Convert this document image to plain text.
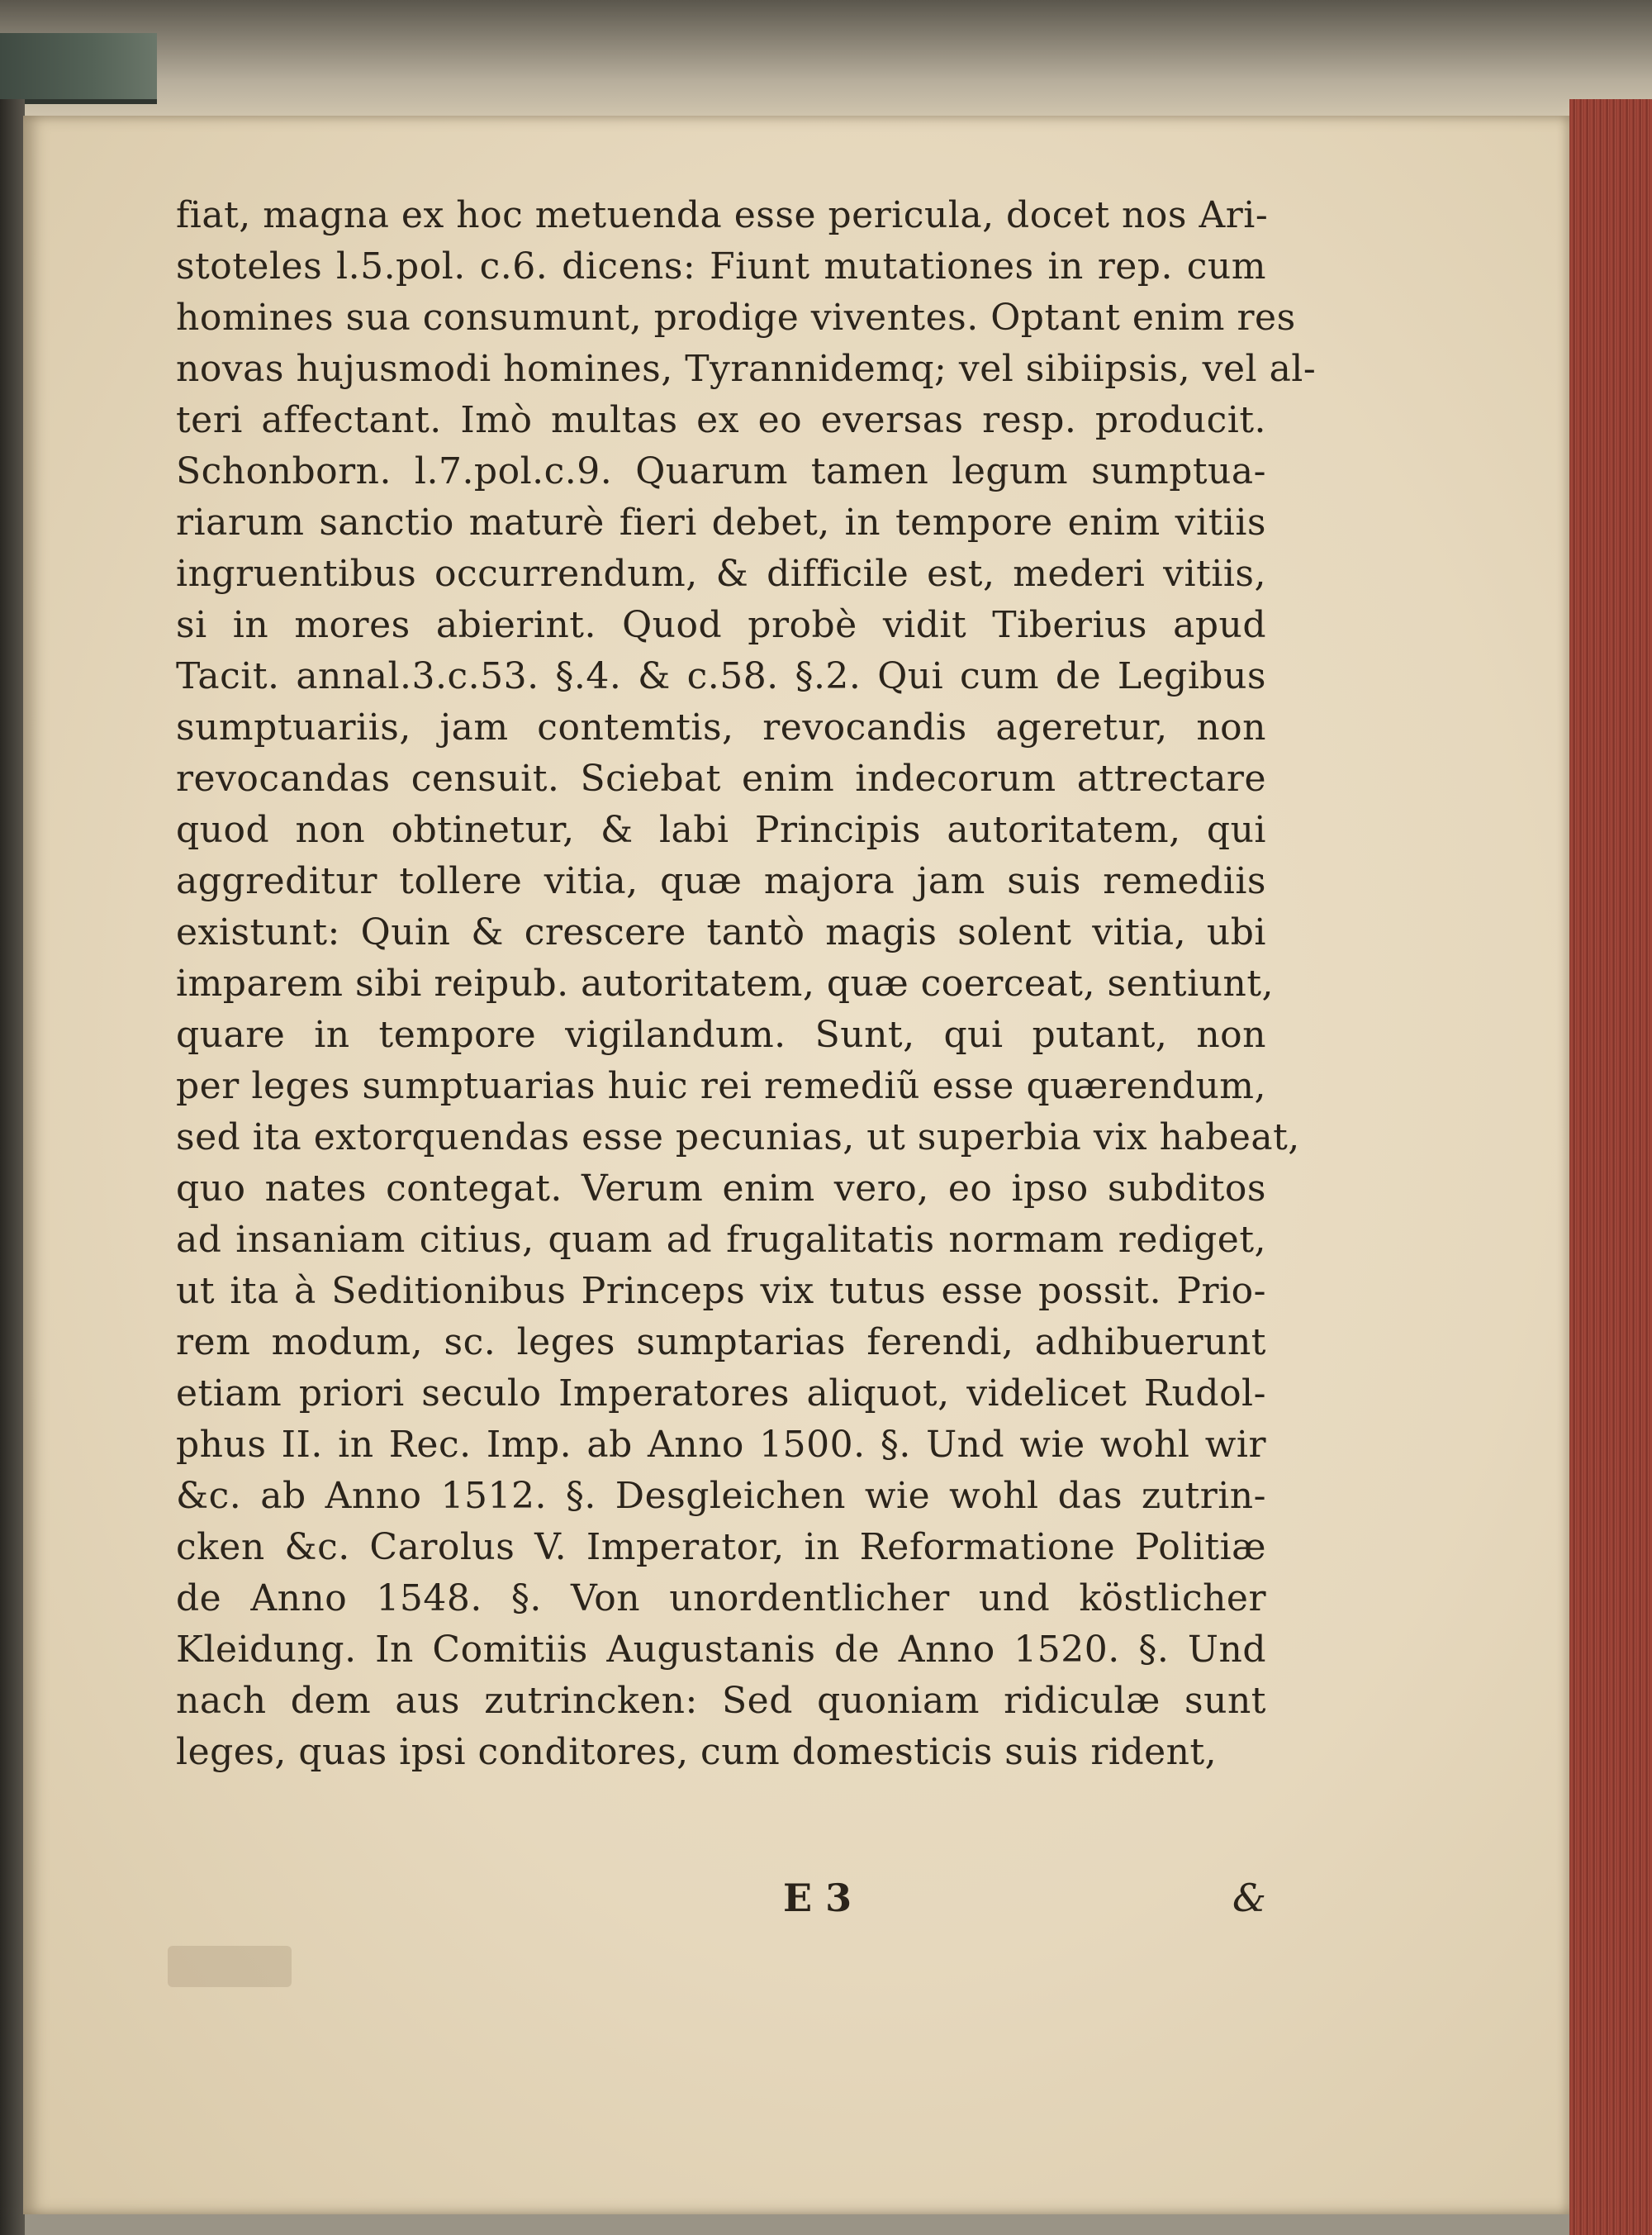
fiat, magna ex hoc metuenda esse pericula, docet nos Ari-
stoteles l.5.pol. c.6. dicens: Fiunt mutationes in rep. cum
homines sua consumunt, prodige viventes. Optant enim res
novas hujusmodi homines, Tyrannidemq; vel sibiipsis, vel al-
teri affectant. Imò multas ex eo eversas resp. producit.
Schonborn. l.7.pol.c.9. Quarum tamen legum sumptua-
riarum sanctio maturè fieri debet, in tempore enim vitiis
ingruentibus occurrendum, & difficile est, mederi vitiis,
si in mores abierint. Quod probè vidit Tiberius apud
Tacit. annal.3.c.53. §.4. & c.58. §.2. Qui cum de Legibus
sumptuariis, jam contemtis, revocandis ageretur, non
revocandas censuit. Sciebat enim indecorum attrectare
quod non obtinetur, & labi Principis autoritatem, qui
aggreditur tollere vitia, quæ majora jam suis remediis
existunt: Quin & crescere tantò magis solent vitia, ubi
imparem sibi reipub. autoritatem, quæ coerceat, sentiunt,
quare in tempore vigilandum. Sunt, qui putant, non
per leges sumptuarias huic rei remediũ esse quærendum,
sed ita extorquendas esse pecunias, ut superbia vix habeat,
quo nates contegat. Verum enim vero, eo ipso subditos
ad insaniam citius, quam ad frugalitatis normam rediget,
ut ita à Seditionibus Princeps vix tutus esse possit. Prio-
rem modum, sc. leges sumptarias ferendi, adhibuerunt
etiam priori seculo Imperatores aliquot, videlicet Rudol-
phus II. in Rec. Imp. ab Anno 1500. §. Und wie wohl wir
&c. ab Anno 1512. §. Desgleichen wie wohl das zutrin-
cken &c. Carolus V. Imperator, in Reformatione Politiæ
de Anno 1548. §. Von unordentlicher und köstlicher
Kleidung. In Comitiis Augustanis de Anno 1520. §. Und
nach dem aus zutrincken: Sed quoniam ridiculæ sunt
leges, quas ipsi conditores, cum domesticis suis rident,
E 3	&
